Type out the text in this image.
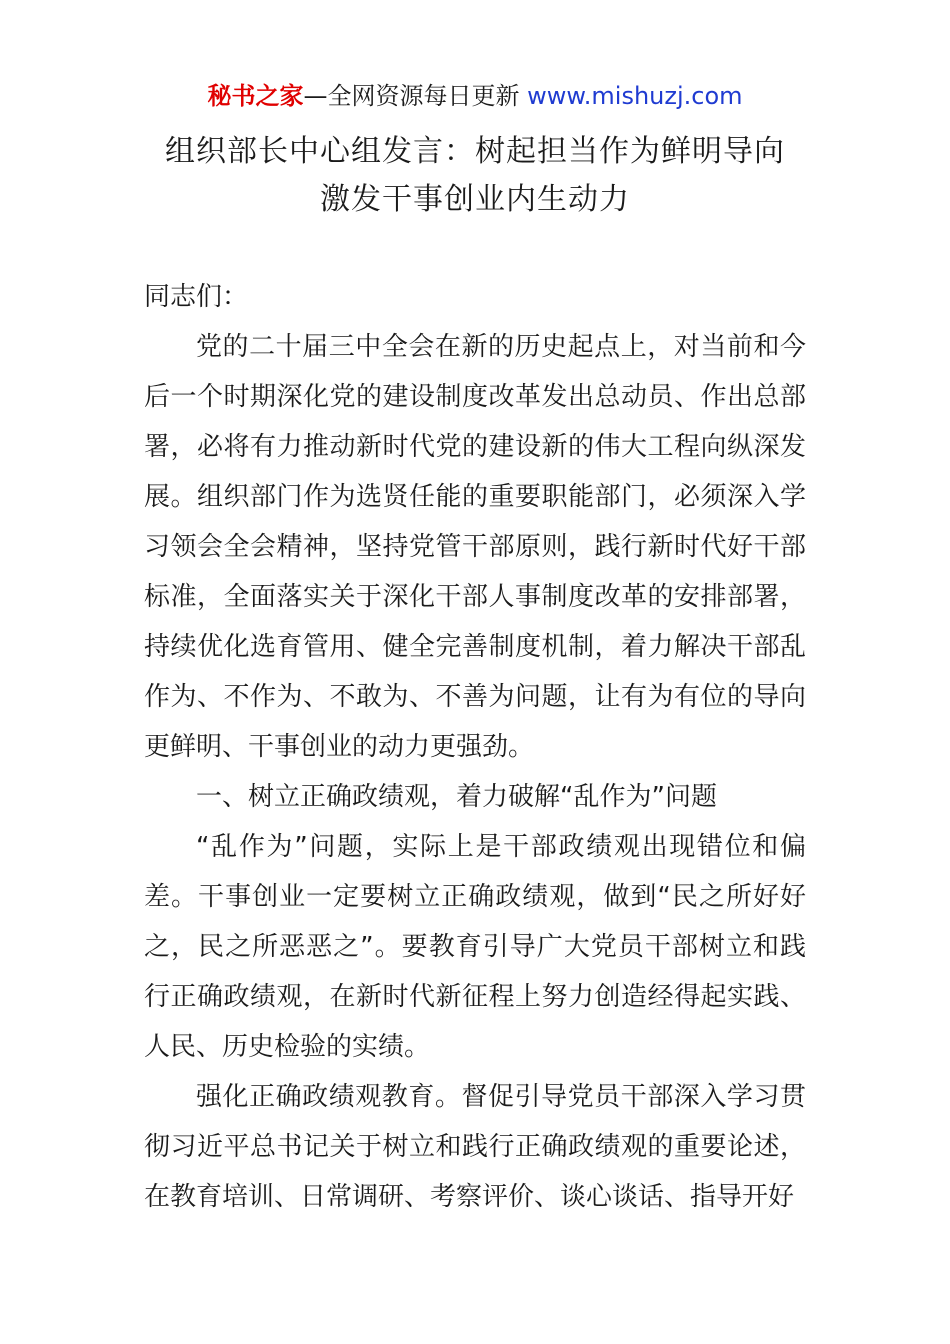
秘书之家—全网资源每日更新 www.mishuzj.com
组织部长中心组发言：树起担当作为鲜明导向
激发干事创业内生动力

同志们：

党的二十届三中全会在新的历史起点上，对当前和今后一个时期深化党的建设制度改革发出总动员、作出总部署，必将有力推动新时代党的建设新的伟大工程向纵深发展。组织部门作为选贤任能的重要职能部门，必须深入学习领会全会精神，坚持党管干部原则，践行新时代好干部标准，全面落实关于深化干部人事制度改革的安排部署，持续优化选育管用、健全完善制度机制，着力解决干部乱作为、不作为、不敢为、不善为问题，让有为有位的导向更鲜明、干事创业的动力更强劲。

一、树立正确政绩观，着力破解“乱作为”问题

“乱作为”问题，实际上是干部政绩观出现错位和偏差。干事创业一定要树立正确政绩观，做到“民之所好好之，民之所恶恶之”。要教育引导广大党员干部树立和践行正确政绩观，在新时代新征程上努力创造经得起实践、人民、历史检验的实绩。

强化正确政绩观教育。督促引导党员干部深入学习贯彻习近平总书记关于树立和践行正确政绩观的重要论述，在教育培训、日常调研、考察评价、谈心谈话、指导开好
